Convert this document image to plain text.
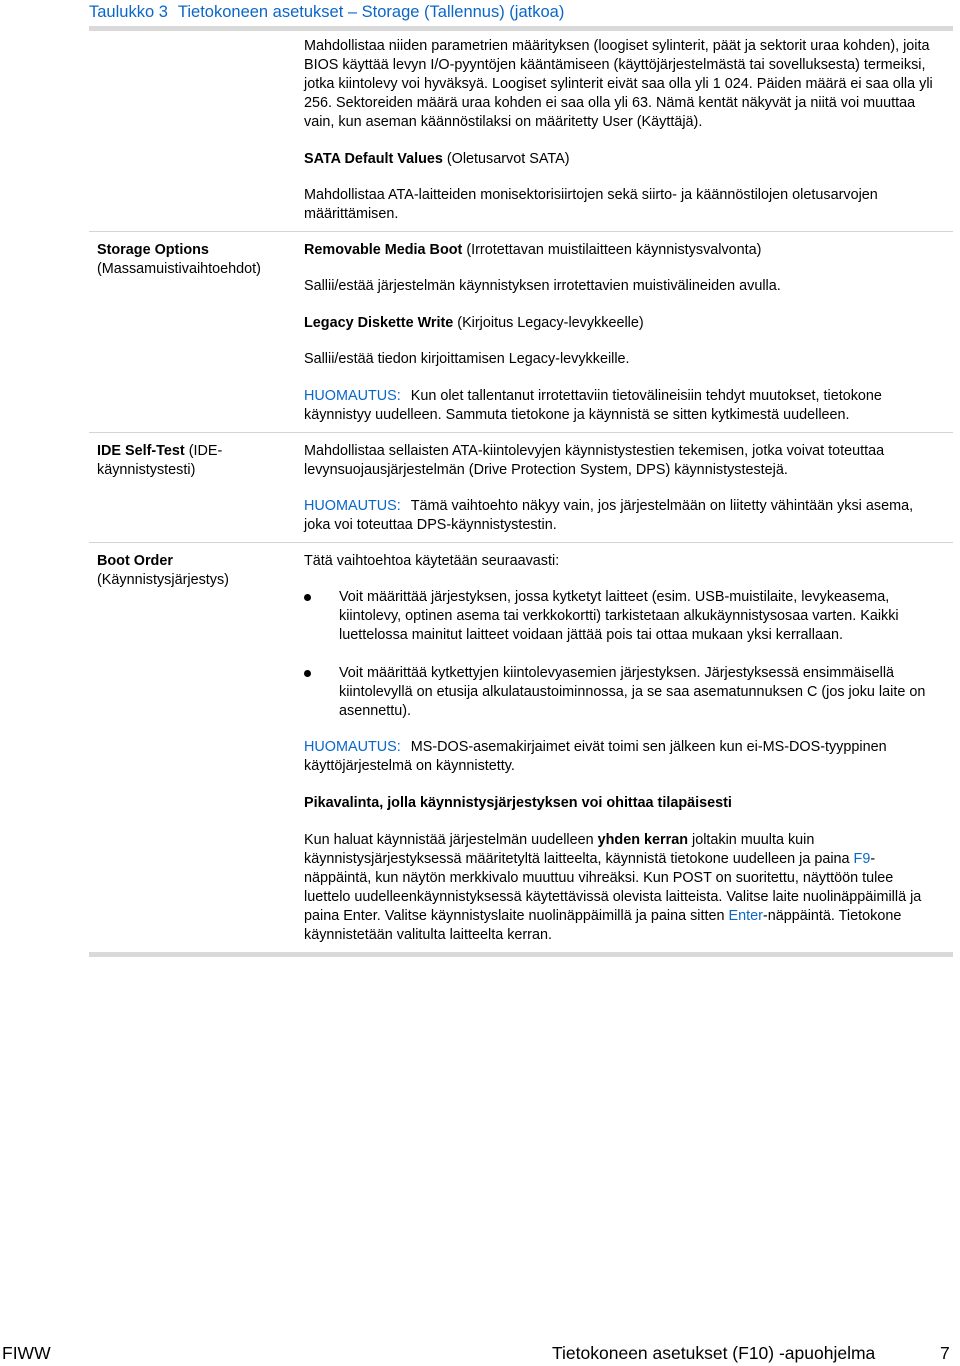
Taulukko 3 Tietokoneen asetukset – Storage (Tallennus) (jatkoa)
Mahdollistaa niiden parametrien määrityksen (loogiset sylinterit, päät ja sektorit uraa kohden), joita BIOS käyttää levyn I/O-pyyntöjen kääntämiseen (käyttöjärjestelmästä tai sovelluksesta) termeiksi, jotka kiintolevy voi hyväksyä. Loogiset sylinterit eivät saa olla yli 1 024. Päiden määrä ei saa olla yli 256. Sektoreiden määrä uraa kohden ei saa olla yli 63. Nämä kentät näkyvät ja niitä voi muuttaa vain, kun aseman käännöstilaksi on määritetty User (Käyttäjä).
SATA Default Values (Oletusarvot SATA)
Mahdollistaa ATA-laitteiden monisektorisiirtojen sekä siirto- ja käännöstilojen oletusarvojen määrittämisen.
Storage Options
(Massamuistivaihtoehdot)
Removable Media Boot (Irrotettavan muistilaitteen käynnistysvalvonta)
Sallii/estää järjestelmän käynnistyksen irrotettavien muistivälineiden avulla.
Legacy Diskette Write (Kirjoitus Legacy-levykkeelle)
Sallii/estää tiedon kirjoittamisen Legacy-levykkeille.
HUOMAUTUS: Kun olet tallentanut irrotettaviin tietovälineisiin tehdyt muutokset, tietokone käynnistyy uudelleen. Sammuta tietokone ja käynnistä se sitten kytkimestä uudelleen.
IDE Self-Test (IDE-käynnistystesti)
Mahdollistaa sellaisten ATA-kiintolevyjen käynnistystestien tekemisen, jotka voivat toteuttaa levynsuojausjärjestelmän (Drive Protection System, DPS) käynnistystestejä.
HUOMAUTUS: Tämä vaihtoehto näkyy vain, jos järjestelmään on liitetty vähintään yksi asema, joka voi toteuttaa DPS-käynnistystestin.
Boot Order
(Käynnistysjärjestys)
Tätä vaihtoehtoa käytetään seuraavasti:
Voit määrittää järjestyksen, jossa kytketyt laitteet (esim. USB-muistilaite, levykeasema, kiintolevy, optinen asema tai verkkokortti) tarkistetaan alkukäynnistysosaa varten. Kaikki luettelossa mainitut laitteet voidaan jättää pois tai ottaa mukaan yksi kerrallaan.
Voit määrittää kytkettyjen kiintolevyasemien järjestyksen. Järjestyksessä ensimmäisellä kiintolevyllä on etusija alkulataustoiminnossa, ja se saa asematunnuksen C (jos joku laite on asennettu).
HUOMAUTUS: MS-DOS-asemakirjaimet eivät toimi sen jälkeen kun ei-MS-DOS-tyyppinen käyttöjärjestelmä on käynnistetty.
Pikavalinta, jolla käynnistysjärjestyksen voi ohittaa tilapäisesti
Kun haluat käynnistää järjestelmän uudelleen yhden kerran joltakin muulta kuin käynnistysjärjestyksessä määritetyltä laitteelta, käynnistä tietokone uudelleen ja paina F9-näppäintä, kun näytön merkkivalo muuttuu vihreäksi. Kun POST on suoritettu, näyttöön tulee luettelo uudelleenkäynnistyksessä käytettävissä olevista laitteista. Valitse laite nuolinäppäimillä ja paina Enter. Valitse käynnistyslaite nuolinäppäimillä ja paina sitten Enter-näppäintä. Tietokone käynnistetään valitulta laitteelta kerran.
FIWW	Tietokoneen asetukset (F10) -apuohjelma	7
